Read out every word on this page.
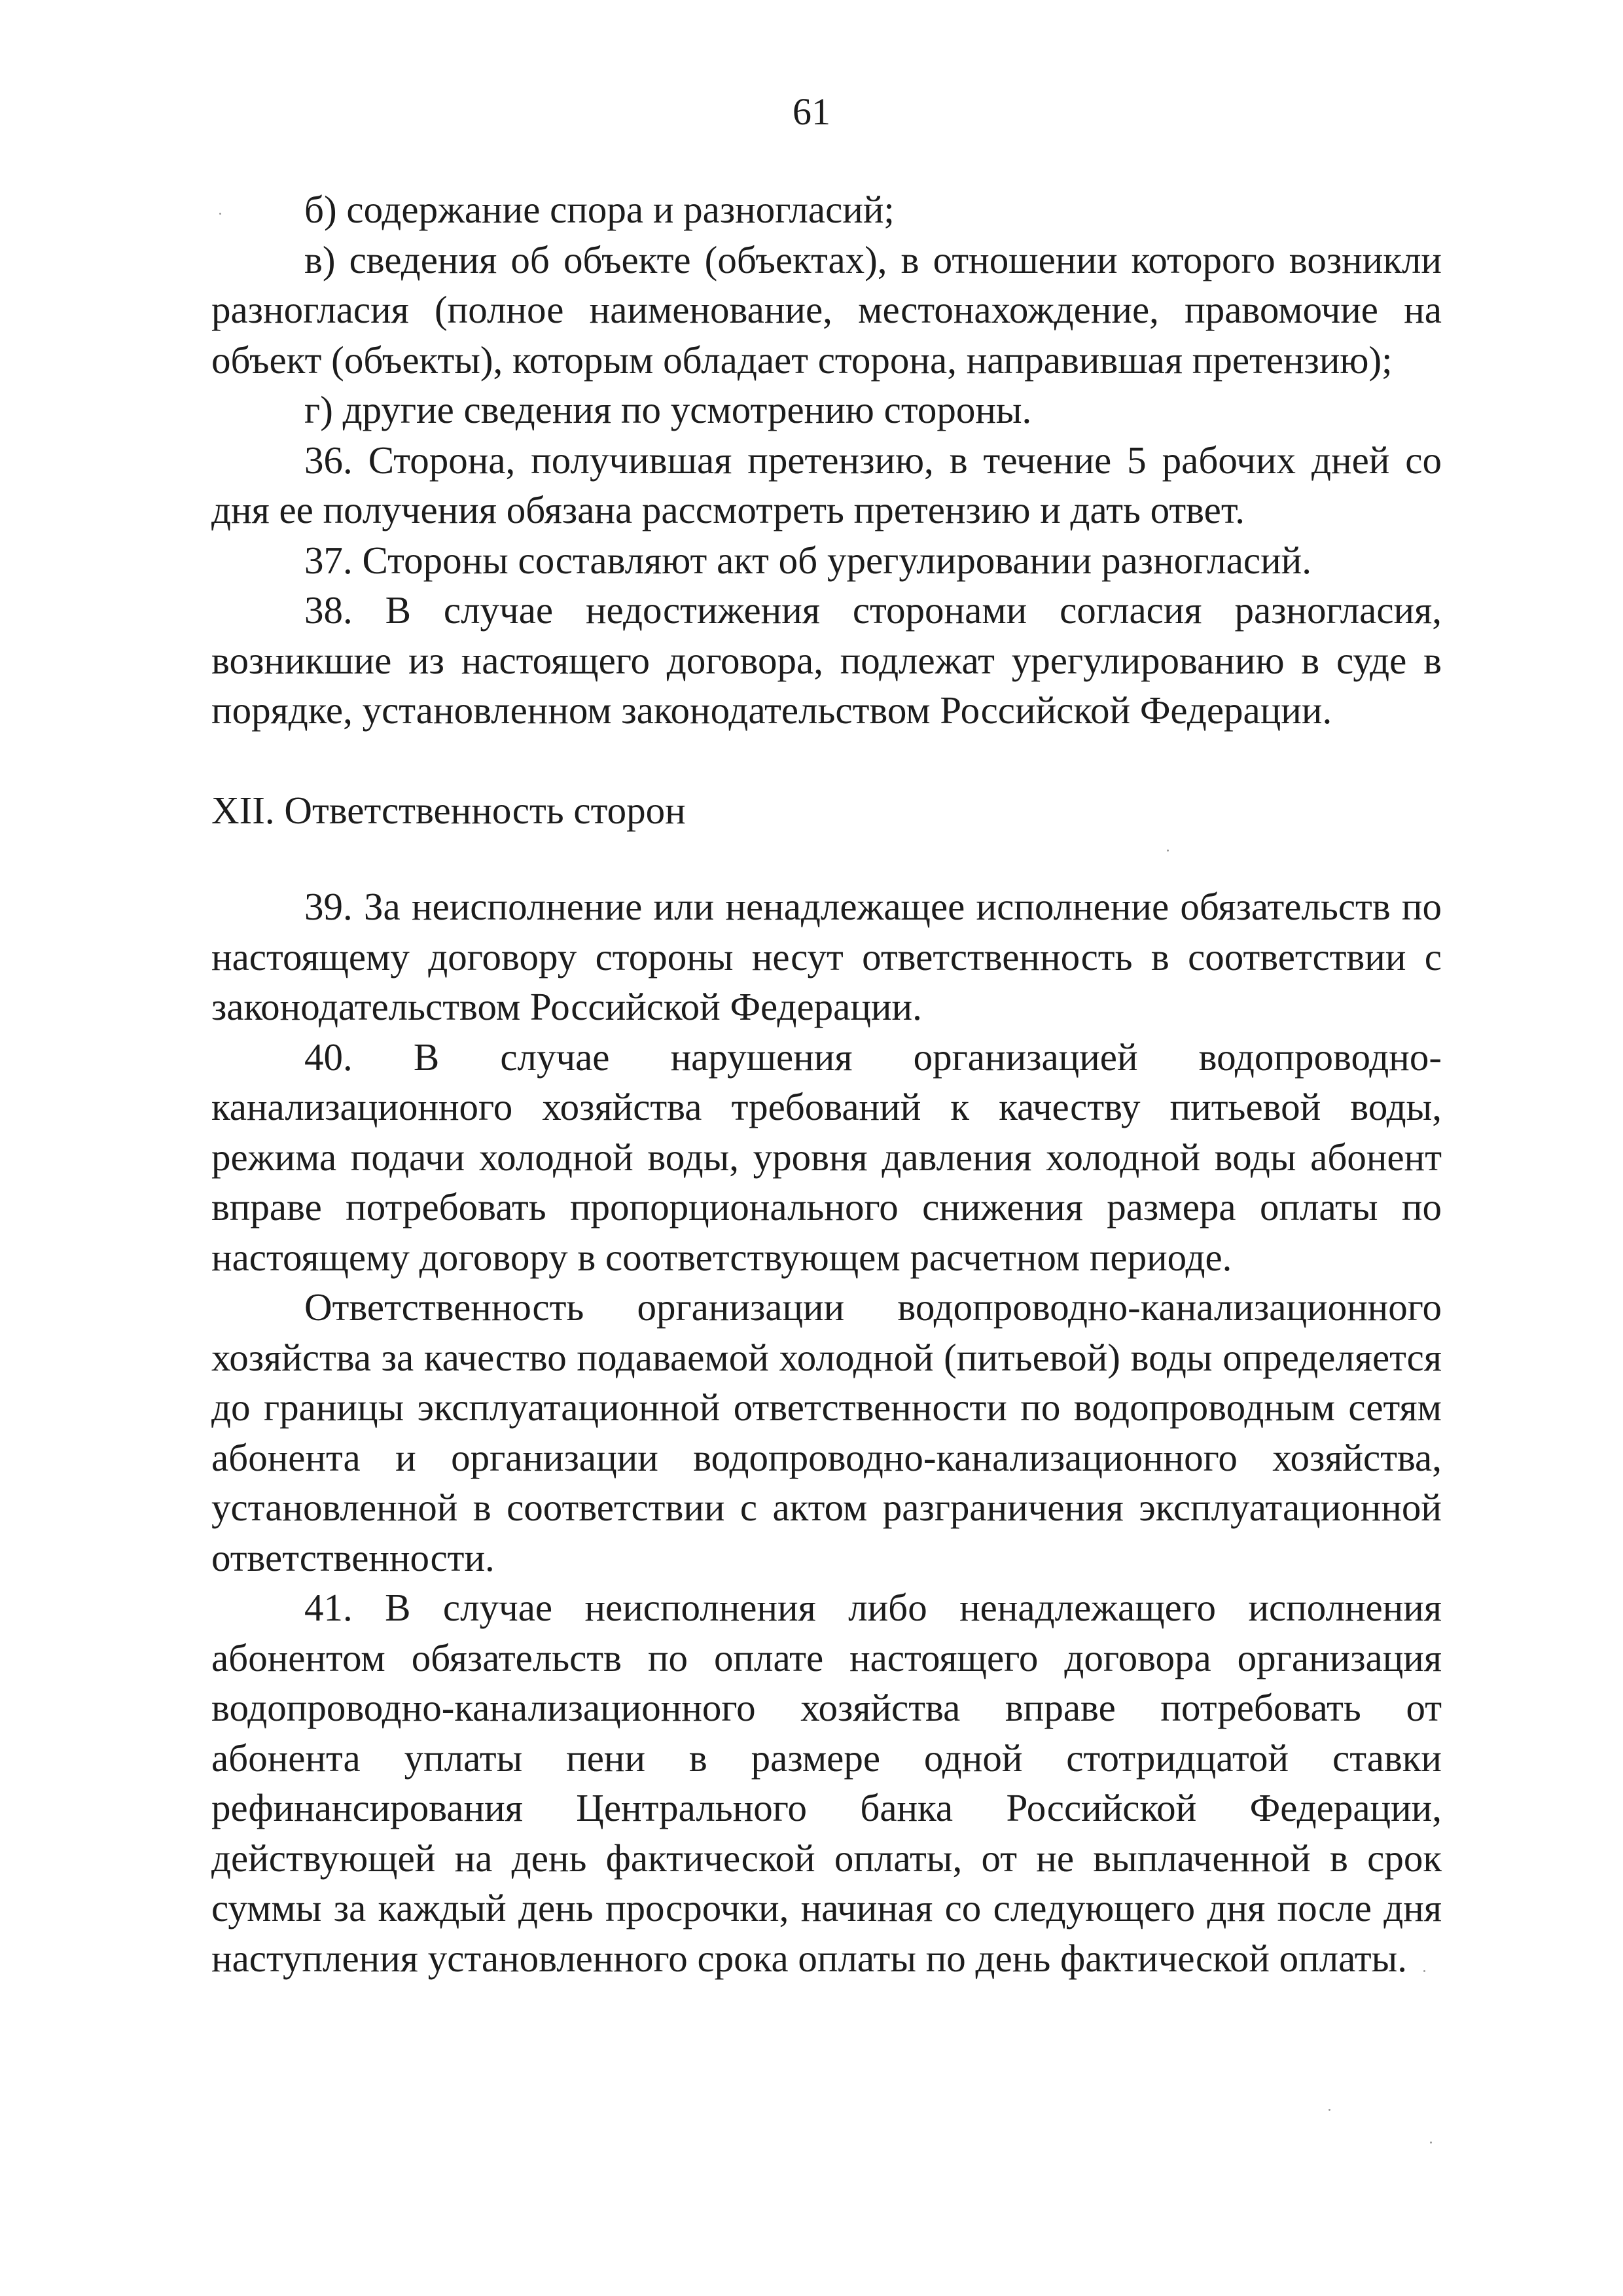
61

б) содержание спора и разногласий;

в) сведения об объекте (объектах), в отношении которого возникли разногласия (полное наименование, местонахождение, правомочие на объект (объекты), которым обладает сторона, направившая претензию);

г) другие сведения по усмотрению стороны.

36. Сторона, получившая претензию, в течение 5 рабочих дней со дня ее получения обязана рассмотреть претензию и дать ответ.

37. Стороны составляют акт об урегулировании разногласий.

38. В случае недостижения сторонами согласия разногласия, возникшие из настоящего договора, подлежат урегулированию в суде в порядке, установленном законодательством Российской Федерации.

XII. Ответственность сторон

39. За неисполнение или ненадлежащее исполнение обязательств по настоящему договору стороны несут ответственность в соответствии с законодательством Российской Федерации.

40. В случае нарушения организацией водопроводно-канализационного хозяйства требований к качеству питьевой воды, режима подачи холодной воды, уровня давления холодной воды абонент вправе потребовать пропорционального снижения размера оплаты по настоящему договору в соответствующем расчетном периоде.

Ответственность организации водопроводно-канализационного хозяйства за качество подаваемой холодной (питьевой) воды определяется до границы эксплуатационной ответственности по водопроводным сетям абонента и организации водопроводно-канализационного хозяйства, установленной в соответствии с актом разграничения эксплуатационной ответственности.

41. В случае неисполнения либо ненадлежащего исполнения абонентом обязательств по оплате настоящего договора организация водопроводно-канализационного хозяйства вправе потребовать от абонента уплаты пени в размере одной стотридцатой ставки рефинансирования Центрального банка Российской Федерации, действующей на день фактической оплаты, от не выплаченной в срок суммы за каждый день просрочки, начиная со следующего дня после дня наступления установленного срока оплаты по день фактической оплаты.
